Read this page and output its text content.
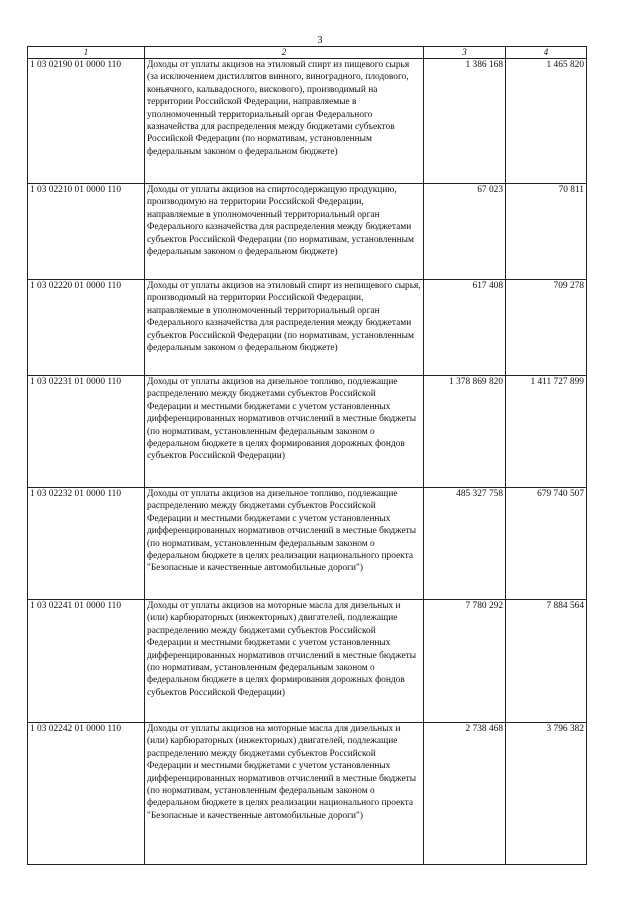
3
1	2	3	4
1 03 02190 01 0000 110	Доходы от уплаты акцизов на этиловый спирт из пищевого сырья (за исключением дистиллятов винного, виноградного, плодового, коньячного, кальвадосного, вискового), производимый на территории Российской Федерации, направляемые в уполномоченный территориальный орган Федерального казначейства для распределения между бюджетами субъектов Российской Федерации (по нормативам, установленным федеральным законом о федеральном бюджете)	1 386 168	1 465 820
1 03 02210 01 0000 110	Доходы от уплаты акцизов на спиртосодержащую продукцию, производимую на территории Российской Федерации, направляемые в уполномоченный территориальный орган Федерального казначейства для распределения между бюджетами субъектов Российской Федерации (по нормативам, установленным федеральным законом о федеральном бюджете)	67 023	70 811
1 03 02220 01 0000 110	Доходы от уплаты акцизов на этиловый спирт из непищевого сырья, производимый на территории Российской Федерации, направляемые в уполномоченный территориальный орган Федерального казначейства для распределения между бюджетами субъектов Российской Федерации (по нормативам, установленным федеральным законом о федеральном бюджете)	617 408	709 278
1 03 02231 01 0000 110	Доходы от уплаты акцизов на дизельное топливо, подлежащие распределению между бюджетами субъектов Российской Федерации и местными бюджетами с учетом установленных дифференцированных нормативов отчислений в местные бюджеты (по нормативам, установленным федеральным законом о федеральном бюджете в целях формирования дорожных фондов субъектов Российской Федерации)	1 378 869 820	1 411 727 899
1 03 02232 01 0000 110	Доходы от уплаты акцизов на дизельное топливо, подлежащие распределению между бюджетами субъектов Российской Федерации и местными бюджетами с учетом установленных дифференцированных нормативов отчислений в местные бюджеты (по нормативам, установленным федеральным законом о федеральном бюджете в целях реализации национального проекта "Безопасные и качественные автомобильные дороги")	485 327 758	679 740 507
1 03 02241 01 0000 110	Доходы от уплаты акцизов на моторные масла для дизельных и (или) карбюраторных (инжекторных) двигателей, подлежащие распределению между бюджетами субъектов Российской Федерации и местными бюджетами с учетом установленных дифференцированных нормативов отчислений в местные бюджеты (по нормативам, установленным федеральным законом о федеральном бюджете в целях формирования дорожных фондов субъектов Российской Федерации)	7 780 292	7 884 564
1 03 02242 01 0000 110	Доходы от уплаты акцизов на моторные масла для дизельных и (или) карбюраторных (инжекторных) двигателей, подлежащие распределению между бюджетами субъектов Российской Федерации и местными бюджетами с учетом установленных дифференцированных нормативов отчислений в местные бюджеты (по нормативам, установленным федеральным законом о федеральном бюджете в целях реализации национального проекта "Безопасные и качественные автомобильные дороги")	2 738 468	3 796 382
